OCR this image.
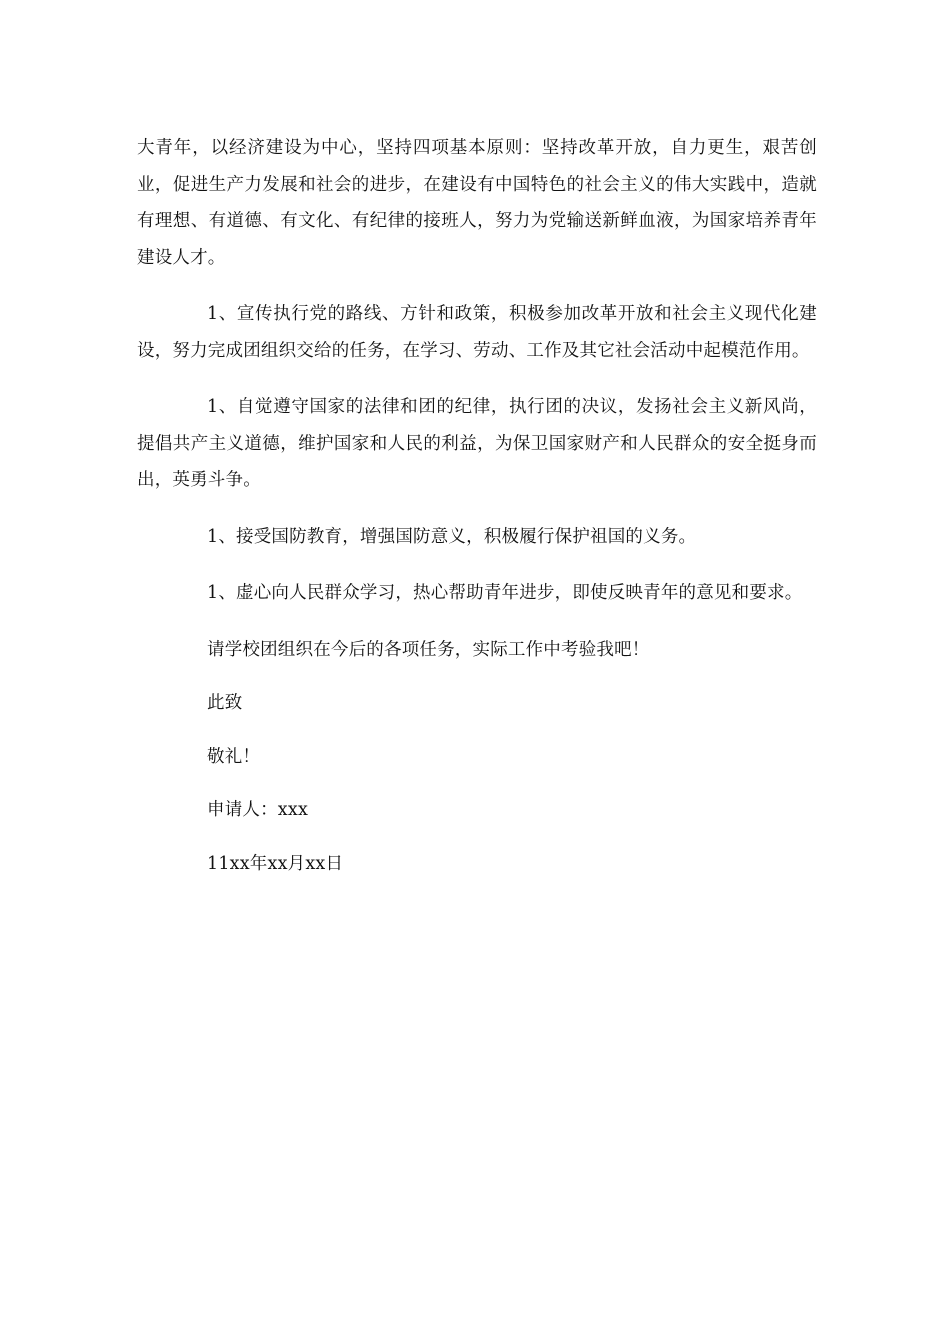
大青年，以经济建设为中心，坚持四项基本原则：坚持改革开放，自力更生，艰苦创业，促进生产力发展和社会的进步，在建设有中国特色的社会主义的伟大实践中，造就有理想、有道德、有文化、有纪律的接班人，努力为党输送新鲜血液，为国家培养青年建设人才。

1、宣传执行党的路线、方针和政策，积极参加改革开放和社会主义现代化建设，努力完成团组织交给的任务，在学习、劳动、工作及其它社会活动中起模范作用。

1、自觉遵守国家的法律和团的纪律，执行团的决议，发扬社会主义新风尚，提倡共产主义道德，维护国家和人民的利益，为保卫国家财产和人民群众的安全挺身而出，英勇斗争。

1、接受国防教育，增强国防意义，积极履行保护祖国的义务。

1、虚心向人民群众学习，热心帮助青年进步，即使反映青年的意见和要求。

请学校团组织在今后的各项任务，实际工作中考验我吧！

此致

敬礼！

申请人：xxx

11xx年xx月xx日
